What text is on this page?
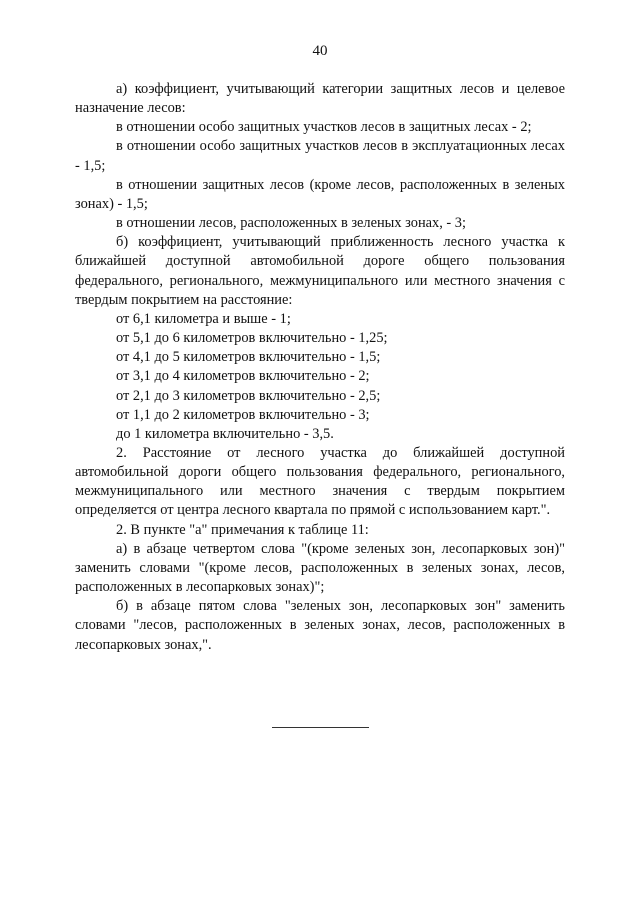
40

а) коэффициент, учитывающий категории защитных лесов и целевое назначение лесов:

в отношении особо защитных участков лесов в защитных лесах - 2;

в отношении особо защитных участков лесов в эксплуатационных лесах - 1,5;

в отношении защитных лесов (кроме лесов, расположенных в зеленых зонах) - 1,5;

в отношении лесов, расположенных в зеленых зонах, - 3;

б) коэффициент, учитывающий приближенность лесного участка к ближайшей доступной автомобильной дороге общего пользования федерального, регионального, межмуниципального или местного значения с твердым покрытием на расстояние:

от 6,1 километра и выше - 1;

от 5,1 до 6 километров включительно - 1,25;

от 4,1 до 5 километров включительно - 1,5;

от 3,1 до 4 километров включительно - 2;

от 2,1 до 3 километров включительно - 2,5;

от 1,1 до 2 километров включительно - 3;

до 1 километра включительно - 3,5.

2. Расстояние от лесного участка до ближайшей доступной автомобильной дороги общего пользования федерального, регионального, межмуниципального или местного значения с твердым покрытием определяется от центра лесного квартала по прямой с использованием карт.".

2. В пункте "а" примечания к таблице 11:

а) в абзаце четвертом слова "(кроме зеленых зон, лесопарковых зон)" заменить словами "(кроме лесов, расположенных в зеленых зонах, лесов, расположенных в лесопарковых зонах)";

б) в абзаце пятом слова "зеленых зон, лесопарковых зон" заменить словами "лесов, расположенных в зеленых зонах, лесов, расположенных в лесопарковых зонах,".
